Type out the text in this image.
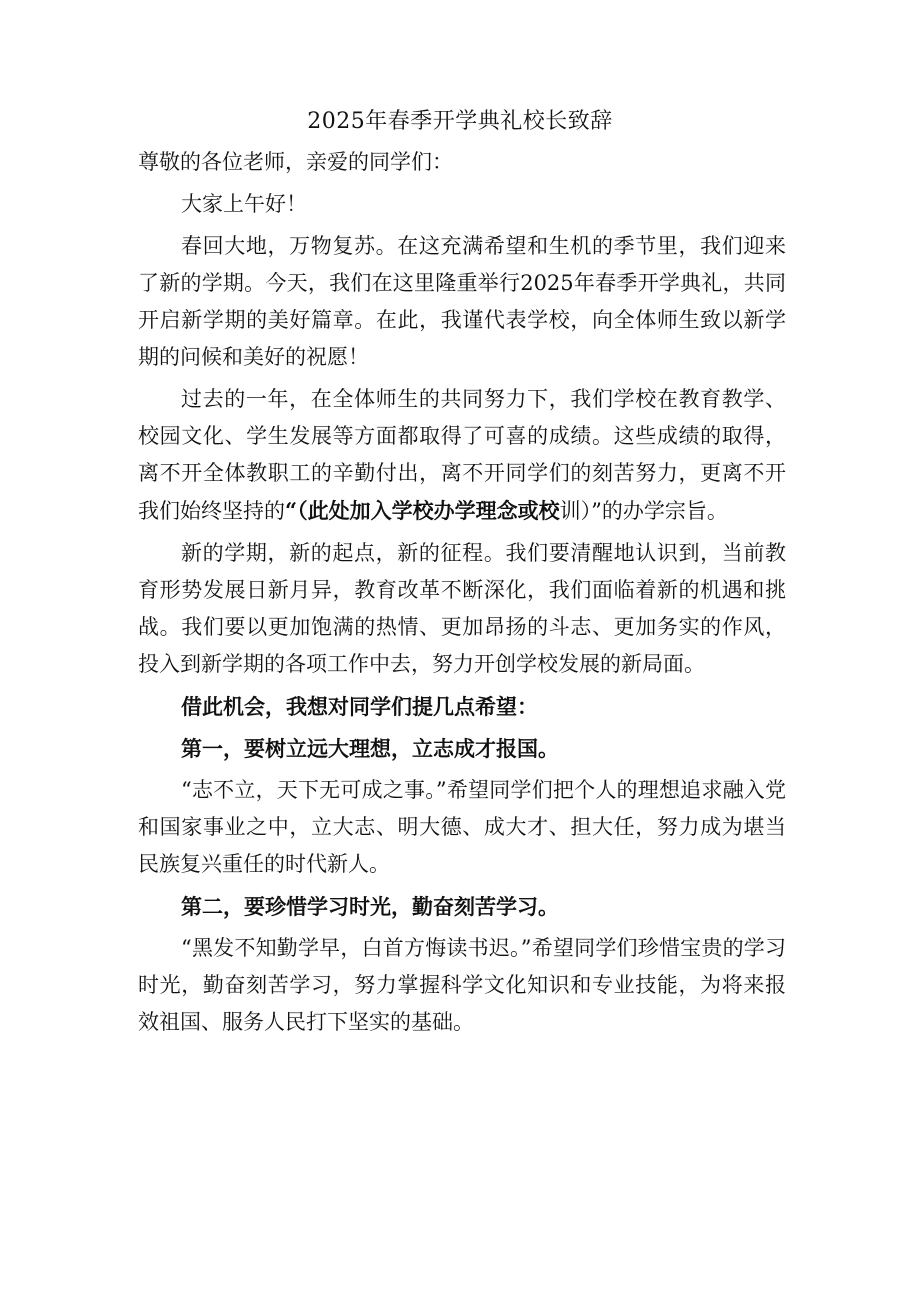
2025年春季开学典礼校长致辞

尊敬的各位老师，亲爱的同学们：

大家上午好！

春回大地，万物复苏。在这充满希望和生机的季节里，我们迎来了新的学期。今天，我们在这里隆重举行2025年春季开学典礼，共同开启新学期的美好篇章。在此，我谨代表学校，向全体师生致以新学期的问候和美好的祝愿！

过去的一年，在全体师生的共同努力下，我们学校在教育教学、校园文化、学生发展等方面都取得了可喜的成绩。这些成绩的取得，离不开全体教职工的辛勤付出，离不开同学们的刻苦努力，更离不开我们始终坚持的“（此处加入学校办学理念或校训）”的办学宗旨。

新的学期，新的起点，新的征程。我们要清醒地认识到，当前教育形势发展日新月异，教育改革不断深化，我们面临着新的机遇和挑战。我们要以更加饱满的热情、更加昂扬的斗志、更加务实的作风，投入到新学期的各项工作中去，努力开创学校发展的新局面。

借此机会，我想对同学们提几点希望：

第一，要树立远大理想，立志成才报国。

“志不立，天下无可成之事。”希望同学们把个人的理想追求融入党和国家事业之中，立大志、明大德、成大才、担大任，努力成为堪当民族复兴重任的时代新人。

第二，要珍惜学习时光，勤奋刻苦学习。

“黑发不知勤学早，白首方悔读书迟。”希望同学们珍惜宝贵的学习时光，勤奋刻苦学习，努力掌握科学文化知识和专业技能，为将来报效祖国、服务人民打下坚实的基础。
